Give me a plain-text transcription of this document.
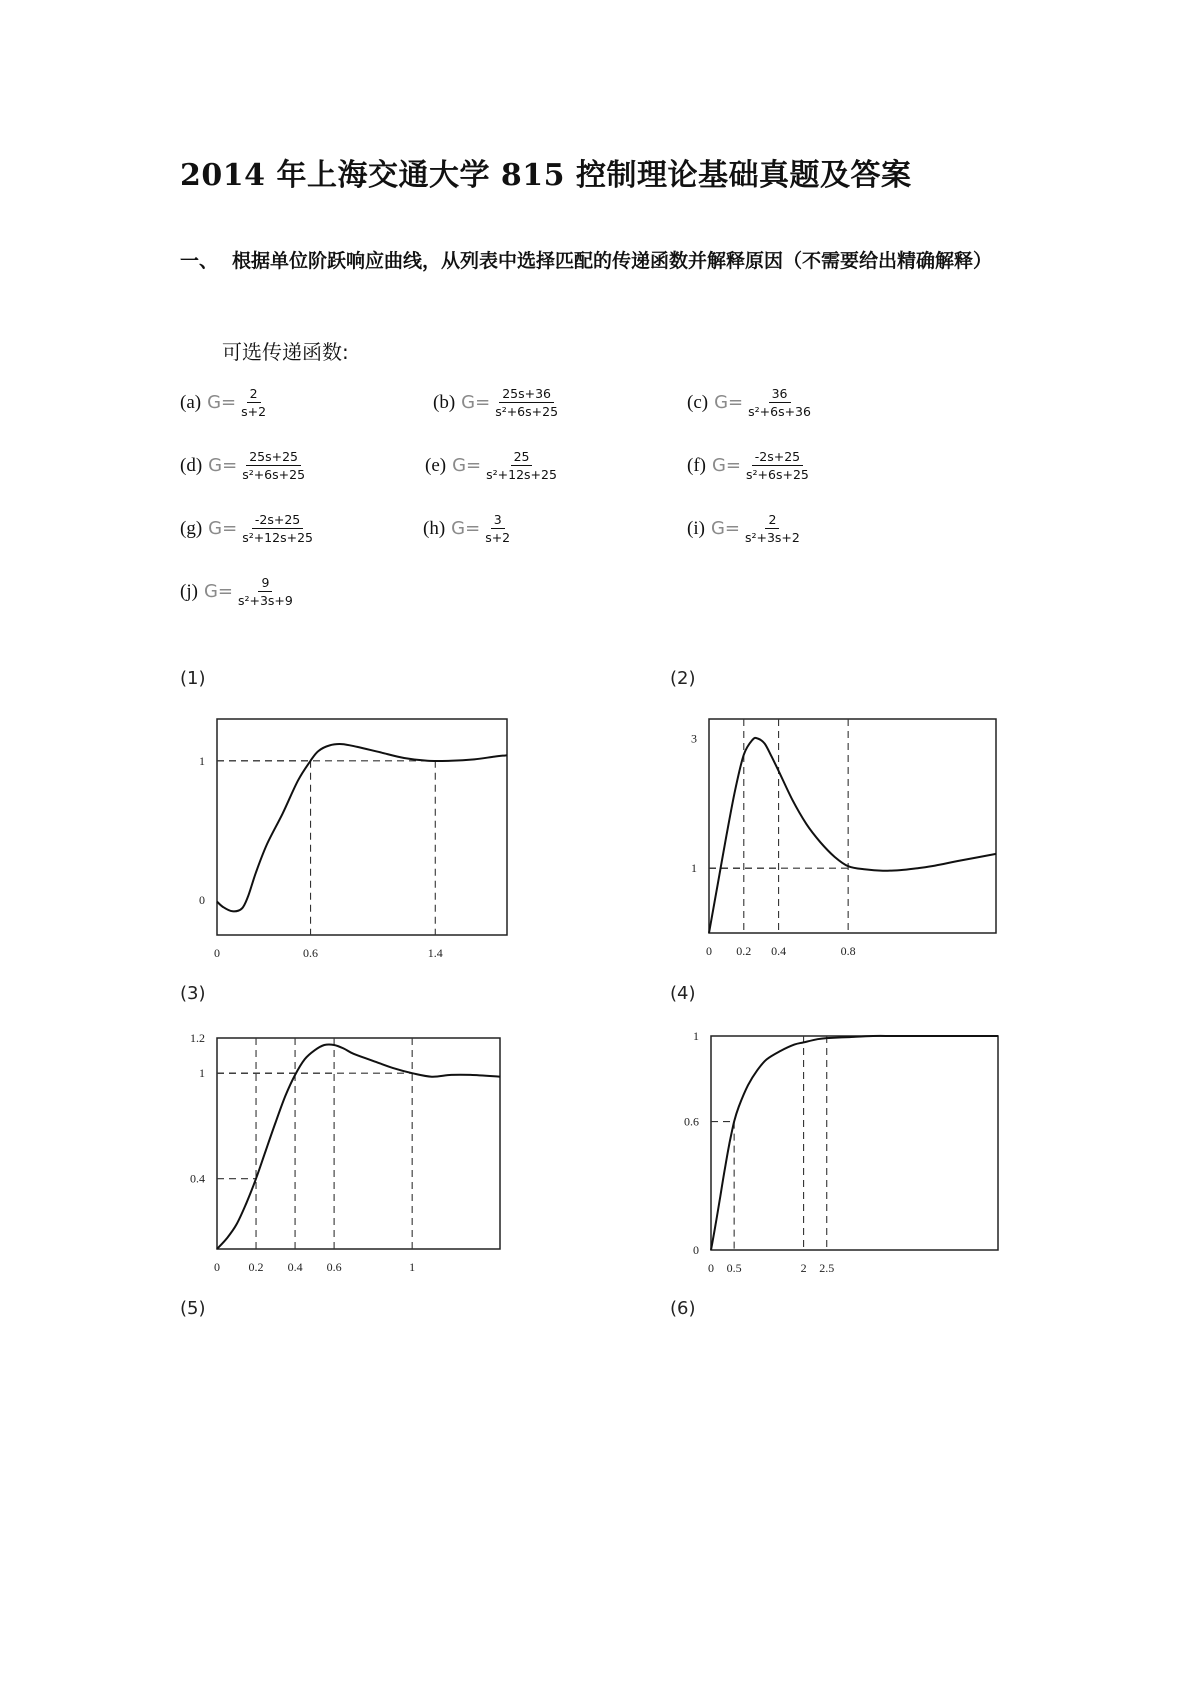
2014 年上海交通大学 815 控制理论基础真题及答案

一、 根据单位阶跃响应曲线，从列表中选择匹配的传递函数并解释原因（不需要给出精确解释）

可选传递函数:

(a) $G= \frac{2}{s+2}$	(b) $G= \frac{25s+36}{\text{s²+6s+25}}$	(c) $G= \frac{36}{\text{s²+6s+36}}$
(d) $G= \frac{25s+25}{\text{s²+6s+25}}$	(e) $G= \frac{25}{\text{s²+12s+25}}$	(f) $G= \frac{-2s+25}{\text{s²+6s+25}}$
(g) $G= \frac{-2s+25}{\text{s²+12s+25}}$	(h) $G= \frac{3}{s+2}$	(i) $G= \frac{2}{\text{s²+3s+2}}$
(j) $G= \frac{9}{\text{s²+3s+9}}$

(1)	(2)

(3)	(4)

(5)	(6)

0	0.6	1.4
0
1
0 0.2 0.4	0.8
1
3
0 0.2 0.4 0.6	1
0.4
1
1.2
0 0.5	2 2.5
0
0.6
1
